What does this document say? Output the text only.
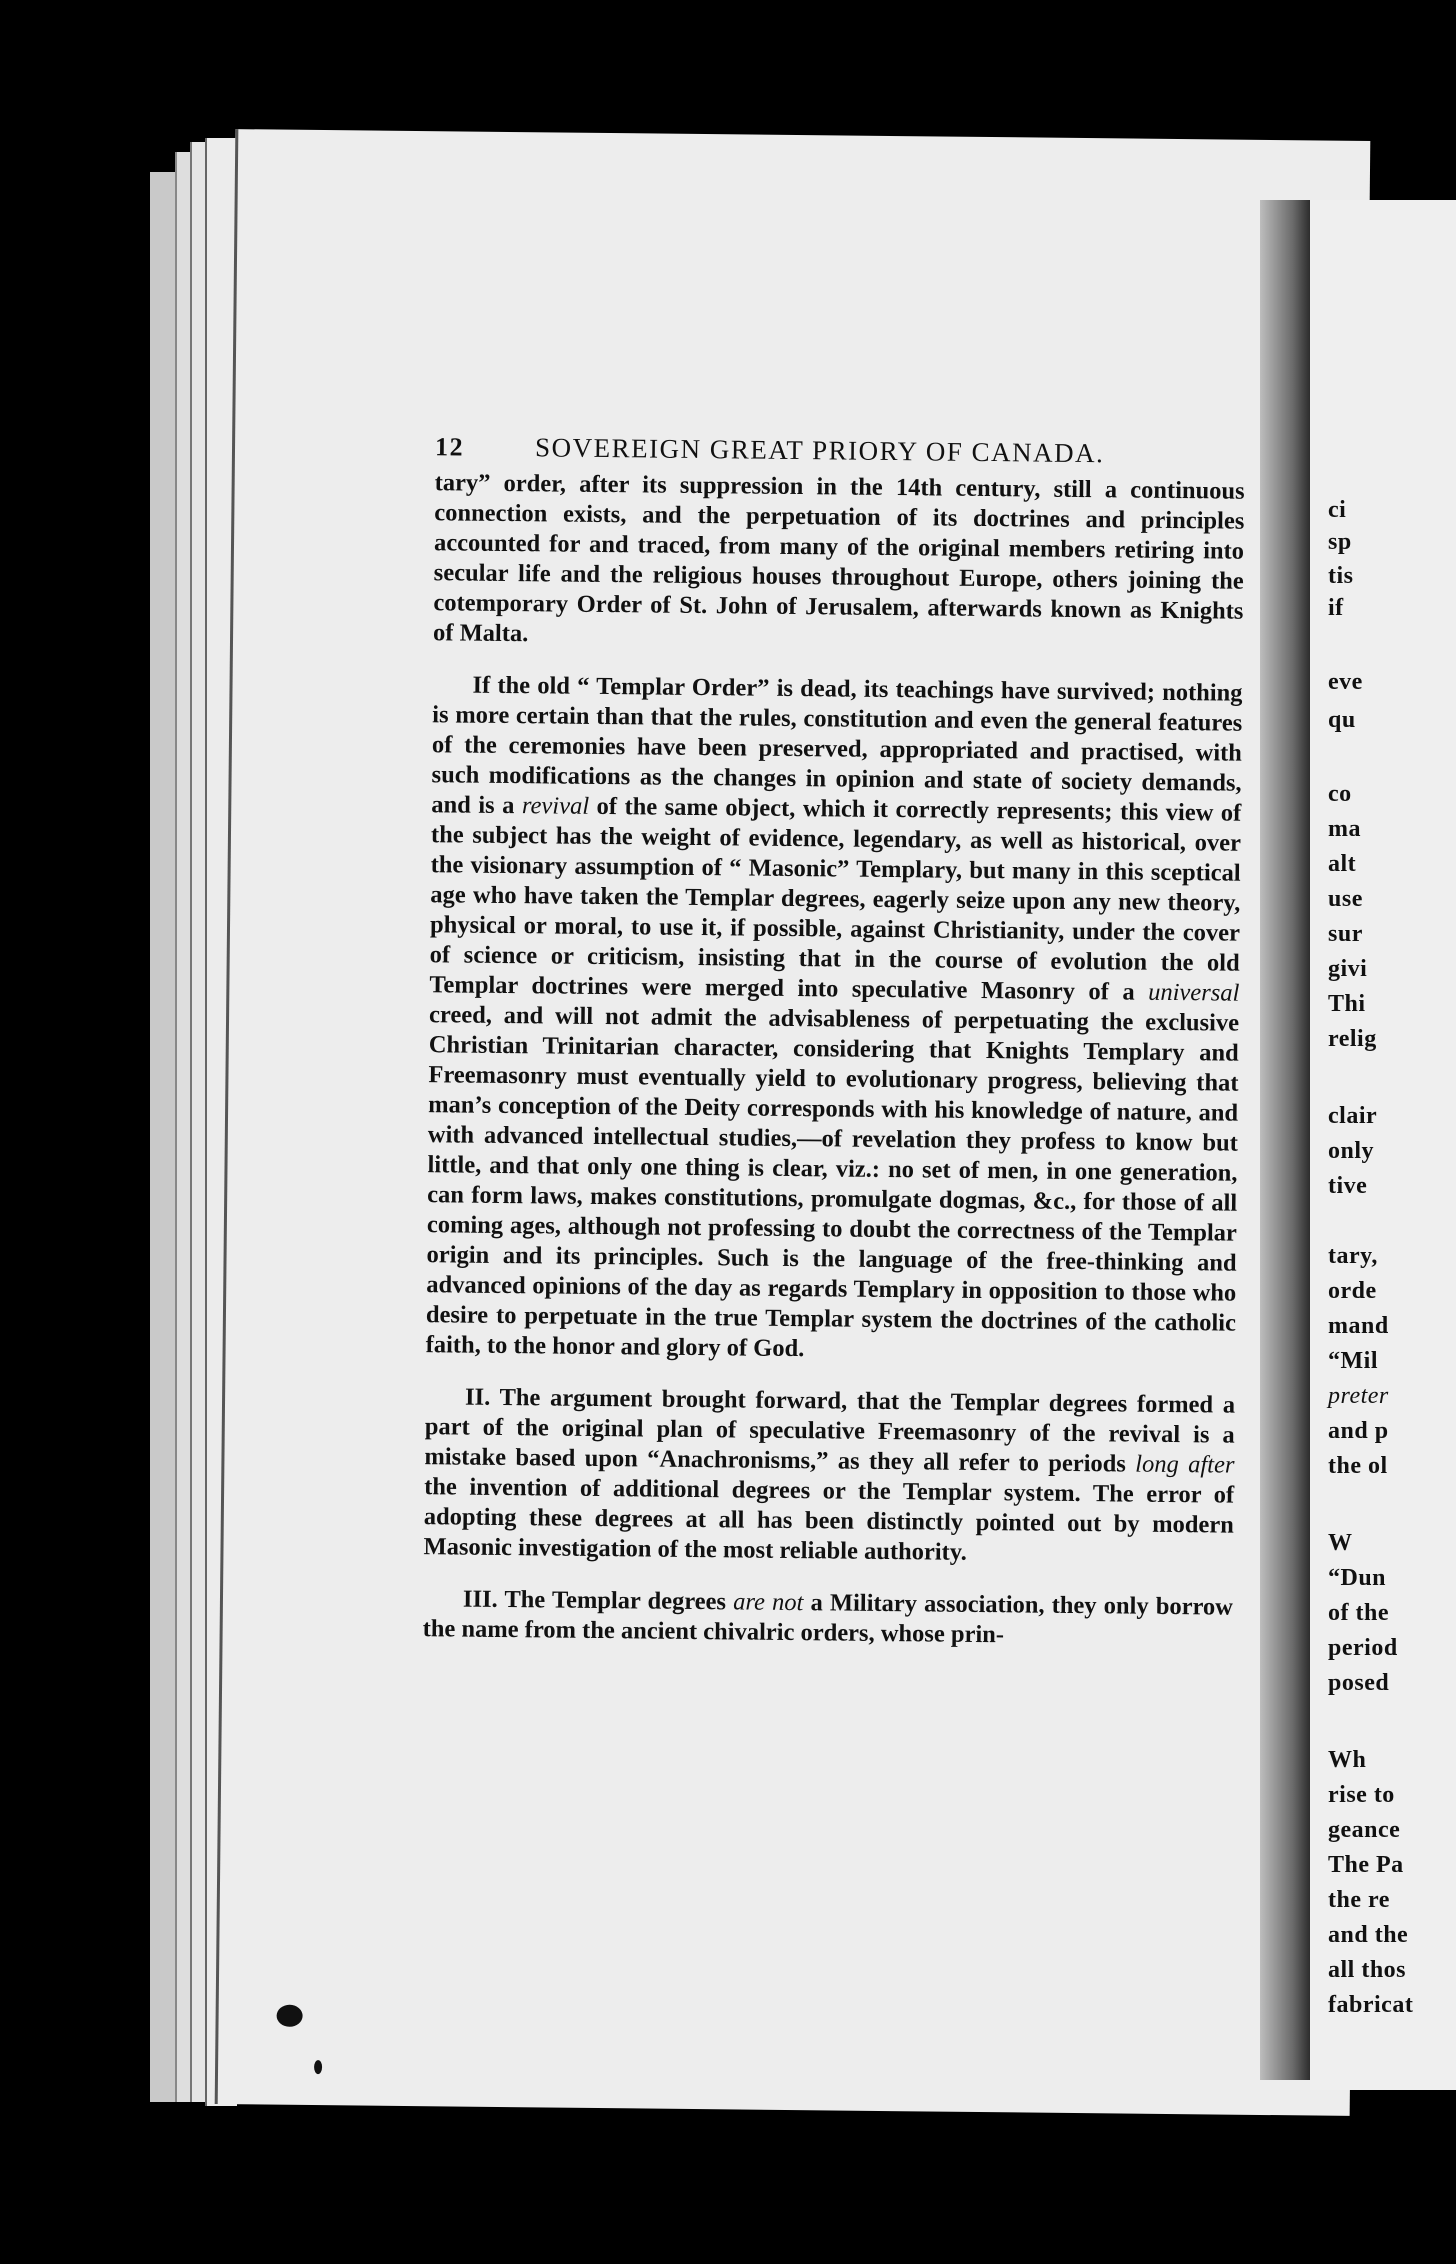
12	SOVEREIGN GREAT PRIORY OF CANADA.

tary” order, after its suppression in the 14th century, still a continuous connection exists, and the perpetuation of its doctrines and principles accounted for and traced, from many of the original members retiring into secular life and the religious houses throughout Europe, others joining the cotemporary Order of St. John of Jerusalem, afterwards known as Knights of Malta.

If the old “ Templar Order” is dead, its teachings have survived; nothing is more certain than that the rules, constitution and even the general features of the ceremonies have been preserved, appropriated and practised, with such modifications as the changes in opinion and state of society demands, and is a revival of the same object, which it correctly represents; this view of the subject has the weight of evidence, legendary, as well as historical, over the visionary assumption of “ Masonic” Templary, but many in this sceptical age who have taken the Templar degrees, eagerly seize upon any new theory, physical or moral, to use it, if possible, against Christianity, under the cover of science or criticism, insisting that in the course of evolution the old Templar doctrines were merged into speculative Masonry of a universal creed, and will not admit the advisableness of perpetuating the exclusive Christian Trinitarian character, considering that Knights Templary and Freemasonry must eventually yield to evolutionary progress, believing that man’s conception of the Deity corresponds with his knowledge of nature, and with advanced intellectual studies,—of revelation they profess to know but little, and that only one thing is clear, viz.: no set of men, in one generation, can form laws, makes constitutions, promulgate dogmas, &c., for those of all coming ages, although not professing to doubt the correctness of the Templar origin and its principles. Such is the language of the free-thinking and advanced opinions of the day as regards Templary in opposition to those who desire to perpetuate in the true Templar system the doctrines of the catholic faith, to the honor and glory of God.

II. The argument brought forward, that the Templar degrees formed a part of the original plan of speculative Freemasonry of the revival is a mistake based upon “Anachronisms,” as they all refer to periods long after the invention of additional degrees or the Templar system. The error of adopting these degrees at all has been distinctly pointed out by modern Masonic investigation of the most reliable authority.

III. The Templar degrees are not a Military association, they only borrow the name from the ancient chivalric orders, whose prin-

ci
sp
tis
if
eve
qu
co
ma
alt
use
sur
givi
Thi
relig
clair
only
tive
tary,
orde
mand
“Mil
preter
and p
the ol
W
“Dun
of the
period
posed
Wh
rise to
geance
The Pa
the re
and the
all thos
fabricat
